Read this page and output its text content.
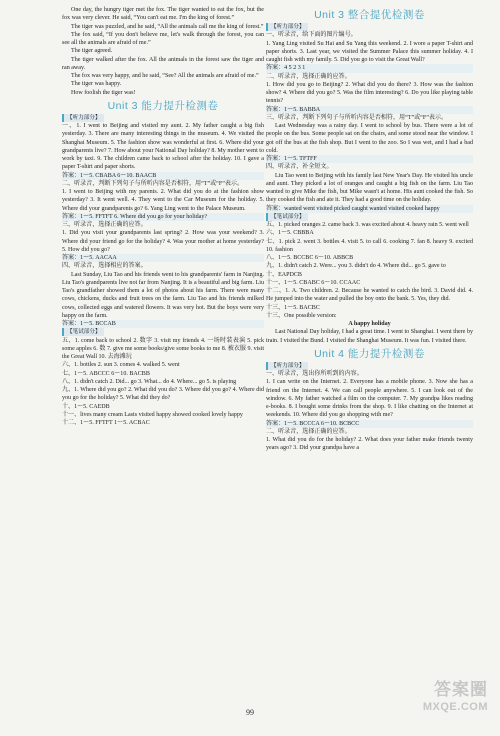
One day, the hungry tiger met the fox. The tiger wanted to eat the fox, but the fox was very clever. He said, “You can't eat me. I'm the king of forest.”
The tiger was puzzled, and he said, “All the animals call me the king of forest.”
The fox said, “If you don't believe me, let's walk through the forest, you can see all the animals are afraid of me.”
The tiger agreed.
The tiger walked after the fox. All the animals in the forest saw the tiger and ran away.
The fox was very happy, and he said, “See? All the animals are afraid of me.”
The tiger was happy.
How foolish the tiger was!
Unit 3 能力提升检测卷
【听力部分】
一、1. I went to Beijing and visited my aunt. 2. My father caught a big fish yesterday. 3. There are many interesting things in the museum. 4. We visited the Shanghai Museum. 5. The fashion show was wonderful at first. 6. Where did your grandparents live? 7. How about your National Day holiday? 8. My mother went to work by taxi. 9. The children came back to school after the holiday. 10. I gave a paper T-shirt and paper shorts.
答案：1～5. CBABA 6～10. BAACB
二、听录音，判断下列句子与所听内容是否相符，用“T”或“F”表示。
1. I went to Beijing with my parents. 2. What did you do at the fashion show yesterday? 3. It went well. 4. They went to the Car Museum for the holiday. 5. Where did your grandparents go? 6. Yang Ling went to the Palace Museum.
答案：1～5. FFTFT 6. Where did you go for your holiday?
三、听录音，选择正确的应答。
1. Did you visit your grandparents last spring? 2. How was your weekend? 3. Where did your friend go for the holiday? 4. Was your mother at home yesterday? 5. How did you go?
答案：1～5. AACAA
四、听录音，选择相应的答案。
Last Sunday, Liu Tao and his friends went to his grandparents' farm in Nanjing. Liu Tao's grandparents live not far from Nanjing. It is a beautiful and big farm. Liu Tao's grandfather showed them a lot of photos about his farm. There were many cows, chickens, ducks and fruit trees on the farm. Liu Tao and his friends milked cows, collected eggs and watered flowers. It was very hot. But the boys were very happy on the farm.
答案：1～5. BCCAB
【笔试部分】
五、1. come back to school 2. 数字 3. visit my friends 4. 一场时装表演 5. pick some apples 6. 数 7. give me some books/give some books to me 8. 被衣服 9. visit the Great Wall 10. 去海滩玩
六、1. bottles 2. sun 3. comes 4. walked 5. went
七、1～5. ABCCC 6～10. BACBB
八、1. didn't catch 2. Did... go 3. What... do 4. Where... go 5. is playing
九、1. Where did you go? 2. What did you do? 3. Where did you go? 4. Where did you go for the holiday? 5. What did they do?
十、1～5. CAEDB
十一、lives many cream Lasts visited happy showed cooked lovely happy
十二、1～5. FFTFT 1～5. ACBAC
Unit 3 整合提优检测卷
【听力部分】
一、听录音，给下面的图片编号。
1. Yang Ling visited Su Hai and Su Yang this weekend. 2. I wore a paper T-shirt and paper shorts. 3. Last year, we visited the Summer Palace this summer holiday. 4. I caught fish with my family. 5. Did you go to visit the Great Wall?
答案：4 5 2 3 1
二、听录音，选择正确的应答。
1. How did you go to Beijing? 2. What did you do there? 3. How was the fashion show? 4. Where did you go? 5. Was the film interesting? 6. Do you like playing table tennis?
答案：1～5. BABBA
三、听录音，判断下列句子与所听内容是否相符，用“T”或“F”表示。
Last Wednesday was a rainy day. I went to school by bus. There were a lot of people on the bus. Some people sat on the chairs, and some stood near the window. I got off the bus at the fish shop. But I went to the zoo. So I was wet, and I had a bad cold.
答案：1～5. TFTFF
四、听录音，补全短文。
Liu Tao went to Beijing with his family last New Year's Day. He visited his uncle and aunt. They picked a lot of oranges and caught a big fish on the farm. Liu Tao wanted to give Mike the fish, but Mike wasn't at home. His aunt cooked the fish. So they cooked the fish and ate it. They had a good time on the holiday.
答案：wanted went visited picked caught wanted visited cooked happy
【笔试部分】
五、1. picked oranges 2. came back 3. was excited about 4. heavy rain 5. went well
六、1～5. CBBBA
七、1. pick 2. went 3. bottles 4. visit 5. to call 6. cooking 7. fan 8. heavy 9. excited 10. fashion
八、1～5. BCCBC 6～10. ABBCB
九、1. didn't catch 2. Were... you 3. didn't do 4. Where did... go 5. gave to
十、EAPDCB
十一、1～5. CBABC 6～10. CCAAC
十二、1. A. Two children. 2. Because he wanted to catch the bird. 3. David did. 4. He jumped into the water and pulled the boy onto the bank. 5. Yes, they did.
十三、1～5. BACBC
十三、One possible version:
A happy holiday
Last National Day holiday, I had a great time. I went to Shanghai. I went there by train. I visited the Bund. I visited the Shanghai Museum. It was fun. I visited there.
Unit 4 能力提升检测卷
【听力部分】
一、听录音，选出你所听到的内容。
1. I can write on the Internet. 2. Everyone has a mobile phone. 3. Now she has a friend on the Internet. 4. We can call people anywhere. 5. I can look out of the window. 6. My father watched a film on the computer. 7. My grandpa likes reading e-books. 8. I bought some drinks from the shop. 9. I like chatting on the Internet at weekends. 10. Where did you go shopping with me?
答案：1～5. BCCCA 6～10. BCBCC
二、听录音，选择正确的应答。
1. What did you do for the holiday? 2. What does your father make friends twenty years ago? 3. Did your grandpa have a
99
答案圈
MXQE.COM
